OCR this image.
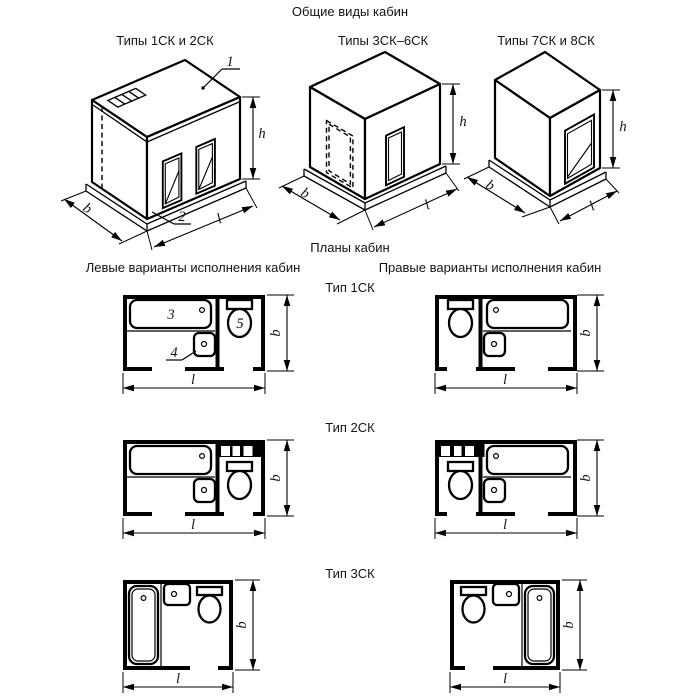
Общие виды кабин
Типы 1СК и 2СК	Типы 3СК–6СК	Типы 7СК и 8СК
1
2
h
b
l
h
b
l
h
b
l
Планы кабин
Левые варианты исполнения кабин	Правые варианты исполнения кабин
Тип 1СК
Тип 2СК
Тип 3СК
3
4
5
b
l
b
l
b
l
b
l
b
l
b
l
